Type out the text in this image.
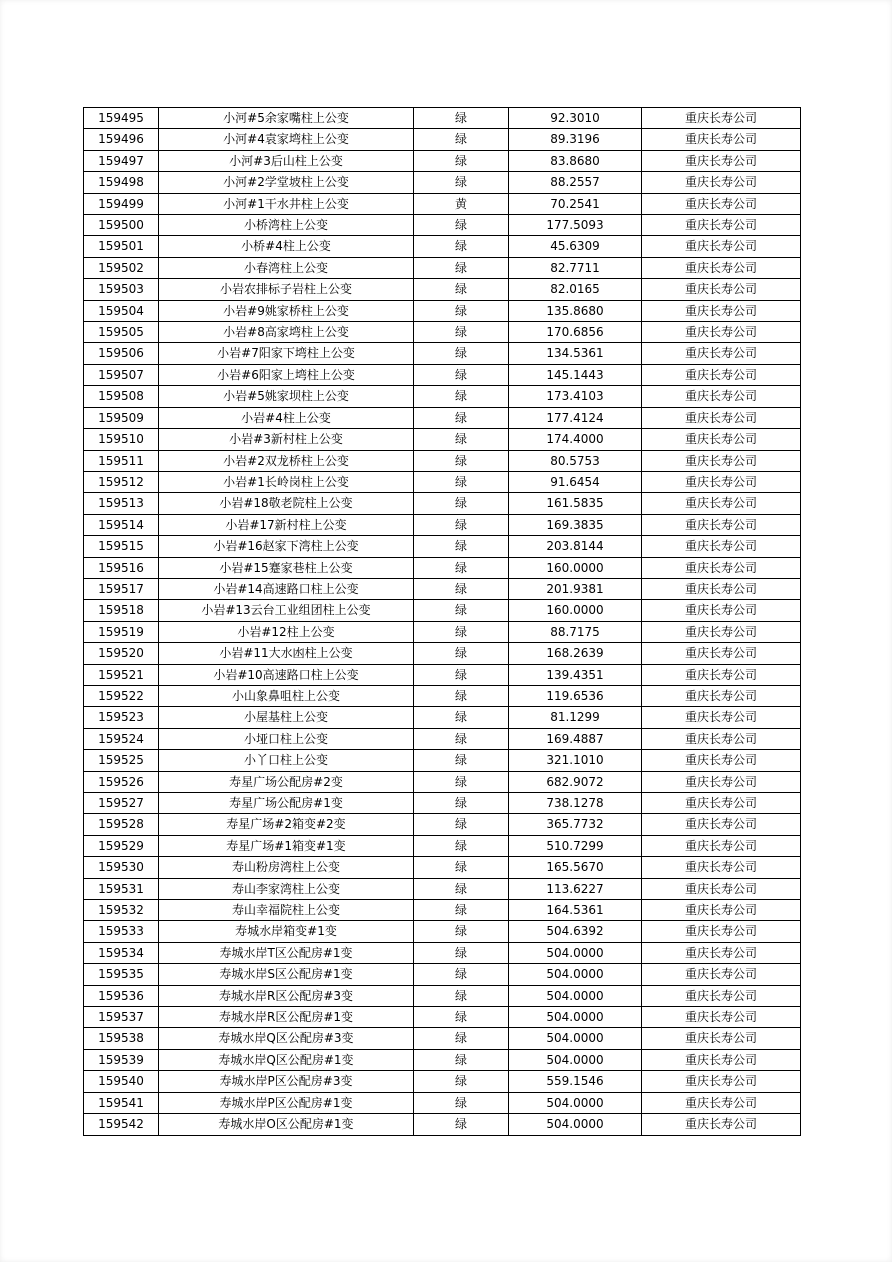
159495	小河#5余家嘴柱上公变	绿	92.3010	重庆长寿公司
159496	小河#4袁家塆柱上公变	绿	89.3196	重庆长寿公司
159497	小河#3后山柱上公变	绿	83.8680	重庆长寿公司
159498	小河#2学堂坡柱上公变	绿	88.2557	重庆长寿公司
159499	小河#1干水井柱上公变	黄	70.2541	重庆长寿公司
159500	小桥湾柱上公变	绿	177.5093	重庆长寿公司
159501	小桥#4柱上公变	绿	45.6309	重庆长寿公司
159502	小春湾柱上公变	绿	82.7711	重庆长寿公司
159503	小岩农排标子岩柱上公变	绿	82.0165	重庆长寿公司
159504	小岩#9姚家桥柱上公变	绿	135.8680	重庆长寿公司
159505	小岩#8高家塆柱上公变	绿	170.6856	重庆长寿公司
159506	小岩#7阳家下塆柱上公变	绿	134.5361	重庆长寿公司
159507	小岩#6阳家上塆柱上公变	绿	145.1443	重庆长寿公司
159508	小岩#5姚家坝柱上公变	绿	173.4103	重庆长寿公司
159509	小岩#4柱上公变	绿	177.4124	重庆长寿公司
159510	小岩#3新村柱上公变	绿	174.4000	重庆长寿公司
159511	小岩#2双龙桥柱上公变	绿	80.5753	重庆长寿公司
159512	小岩#1长岭岗柱上公变	绿	91.6454	重庆长寿公司
159513	小岩#18敬老院柱上公变	绿	161.5835	重庆长寿公司
159514	小岩#17新村柱上公变	绿	169.3835	重庆长寿公司
159515	小岩#16赵家下湾柱上公变	绿	203.8144	重庆长寿公司
159516	小岩#15蹇家巷柱上公变	绿	160.0000	重庆长寿公司
159517	小岩#14高速路口柱上公变	绿	201.9381	重庆长寿公司
159518	小岩#13云台工业组团柱上公变	绿	160.0000	重庆长寿公司
159519	小岩#12柱上公变	绿	88.7175	重庆长寿公司
159520	小岩#11大水凼柱上公变	绿	168.2639	重庆长寿公司
159521	小岩#10高速路口柱上公变	绿	139.4351	重庆长寿公司
159522	小山象鼻咀柱上公变	绿	119.6536	重庆长寿公司
159523	小屋基柱上公变	绿	81.1299	重庆长寿公司
159524	小垭口柱上公变	绿	169.4887	重庆长寿公司
159525	小丫口柱上公变	绿	321.1010	重庆长寿公司
159526	寿星广场公配房#2变	绿	682.9072	重庆长寿公司
159527	寿星广场公配房#1变	绿	738.1278	重庆长寿公司
159528	寿星广场#2箱变#2变	绿	365.7732	重庆长寿公司
159529	寿星广场#1箱变#1变	绿	510.7299	重庆长寿公司
159530	寿山粉房湾柱上公变	绿	165.5670	重庆长寿公司
159531	寿山李家湾柱上公变	绿	113.6227	重庆长寿公司
159532	寿山幸福院柱上公变	绿	164.5361	重庆长寿公司
159533	寿城水岸箱变#1变	绿	504.6392	重庆长寿公司
159534	寿城水岸T区公配房#1变	绿	504.0000	重庆长寿公司
159535	寿城水岸S区公配房#1变	绿	504.0000	重庆长寿公司
159536	寿城水岸R区公配房#3变	绿	504.0000	重庆长寿公司
159537	寿城水岸R区公配房#1变	绿	504.0000	重庆长寿公司
159538	寿城水岸Q区公配房#3变	绿	504.0000	重庆长寿公司
159539	寿城水岸Q区公配房#1变	绿	504.0000	重庆长寿公司
159540	寿城水岸P区公配房#3变	绿	559.1546	重庆长寿公司
159541	寿城水岸P区公配房#1变	绿	504.0000	重庆长寿公司
159542	寿城水岸O区公配房#1变	绿	504.0000	重庆长寿公司
